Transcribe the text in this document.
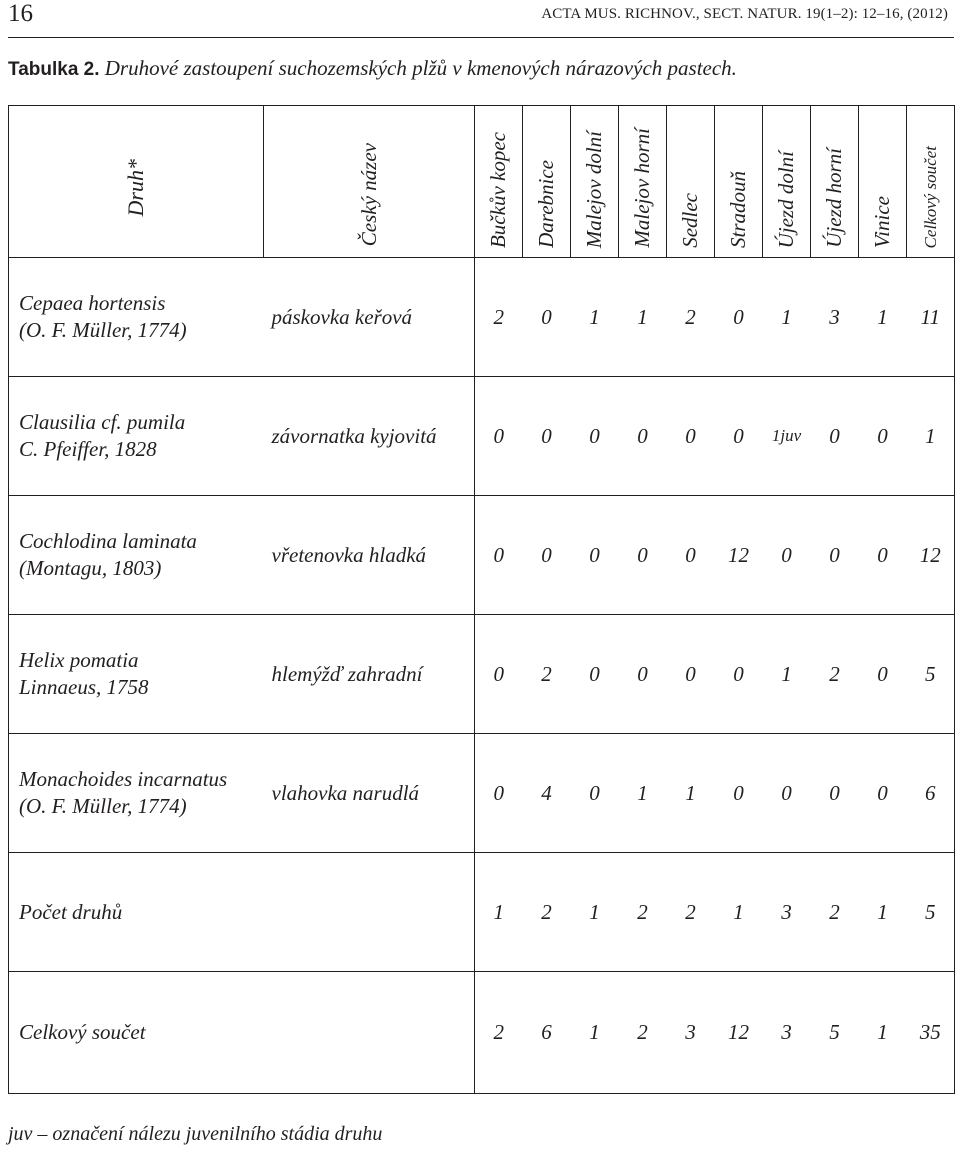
16	ACTA MUS. RICHNOV., SECT. NATUR. 19(1–2): 12–16, (2012)
Tabulka 2. Druhové zastoupení suchozemských plžů v kmenových nárazových pastech.
Druh*	Český název	Bučkův kopec	Darebnice	Malejov dolní	Malejov horní	Sedlec	Stradouň	Újezd dolní	Újezd horní	Vinice	Celkový součet
Cepaea hortensis
(O. F. Müller, 1774)	páskovka keřová	2	0	1	1	2	0	1	3	1	11
Clausilia cf. pumila
C. Pfeiffer, 1828	závornatka kyjovitá	0	0	0	0	0	0	1juv	0	0	1
Cochlodina laminata
(Montagu, 1803)	vřetenovka hladká	0	0	0	0	0	12	0	0	0	12
Helix pomatia
Linnaeus, 1758	hlemýžď zahradní	0	2	0	0	0	0	1	2	0	5
Monachoides incarnatus
(O. F. Müller, 1774)	vlahovka narudlá	0	4	0	1	1	0	0	0	0	6
Počet druhů		1	2	1	2	2	1	3	2	1	5
Celkový součet		2	6	1	2	3	12	3	5	1	35
juv – označení nálezu juvenilního stádia druhu
